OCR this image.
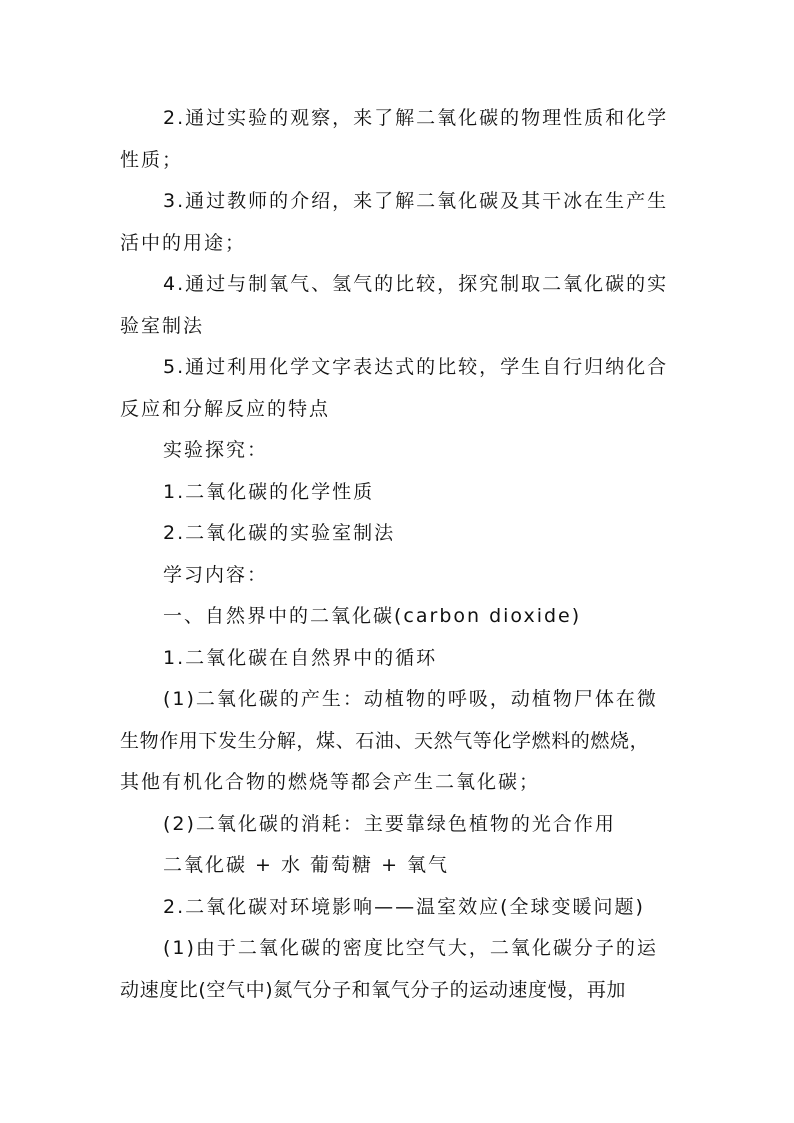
2.通过实验的观察，来了解二氧化碳的物理性质和化学
性质；
3.通过教师的介绍，来了解二氧化碳及其干冰在生产生
活中的用途；
4.通过与制氧气、氢气的比较，探究制取二氧化碳的实
验室制法
5.通过利用化学文字表达式的比较，学生自行归纳化合
反应和分解反应的特点
实验探究：
1.二氧化碳的化学性质
2.二氧化碳的实验室制法
学习内容：
一、自然界中的二氧化碳(carbon dioxide)
1.二氧化碳在自然界中的循环
(1)二氧化碳的产生：动植物的呼吸，动植物尸体在微
生物作用下发生分解，煤、石油、天然气等化学燃料的燃烧，
其他有机化合物的燃烧等都会产生二氧化碳；
(2)二氧化碳的消耗：主要靠绿色植物的光合作用
二氧化碳 + 水 葡萄糖 + 氧气
2.二氧化碳对环境影响——温室效应(全球变暖问题)
(1)由于二氧化碳的密度比空气大，二氧化碳分子的运
动速度比(空气中)氮气分子和氧气分子的运动速度慢，再加
